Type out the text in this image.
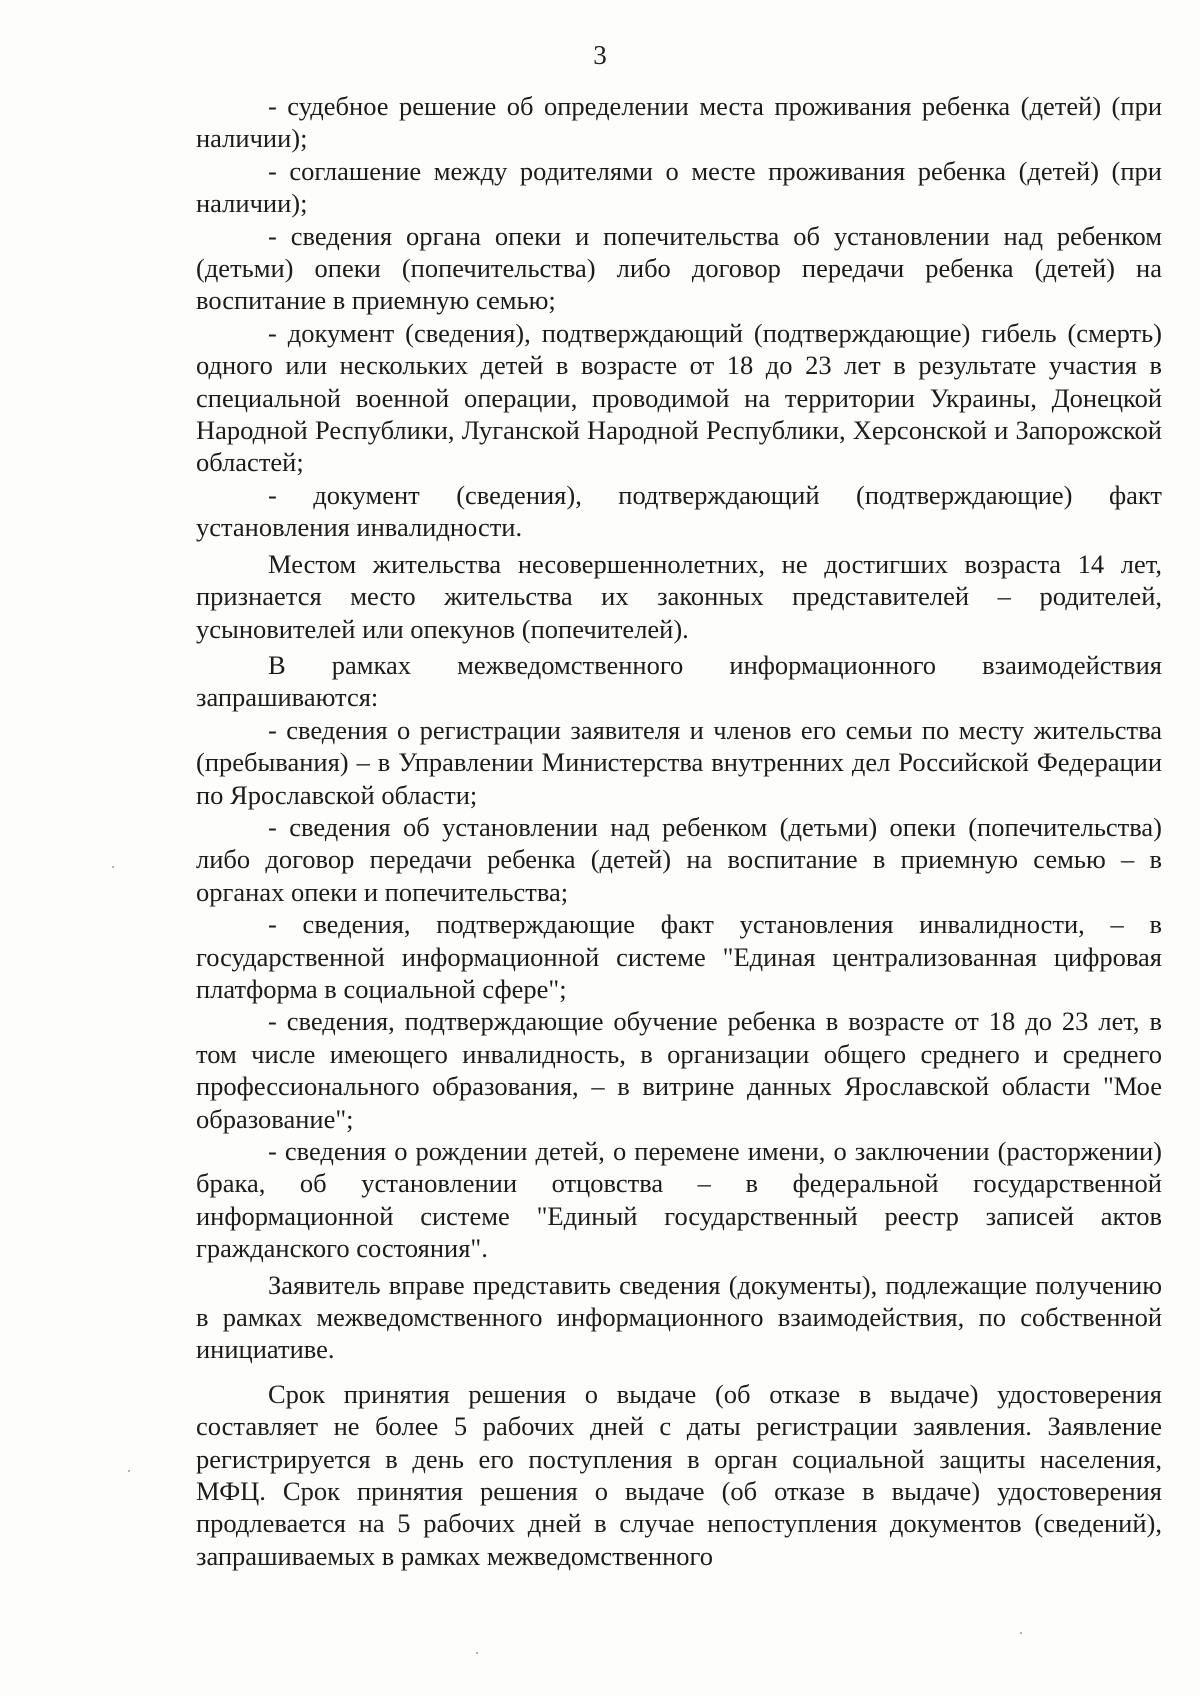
3

- судебное решение об определении места проживания ребенка (детей) (при наличии);

- соглашение между родителями о месте проживания ребенка (детей) (при наличии);

- сведения органа опеки и попечительства об установлении над ребенком (детьми) опеки (попечительства) либо договор передачи ребенка (детей) на воспитание в приемную семью;

- документ (сведения), подтверждающий (подтверждающие) гибель (смерть) одного или нескольких детей в возрасте от 18 до 23 лет в результате участия в специальной военной операции, проводимой на территории Украины, Донецкой Народной Республики, Луганской Народной Республики, Херсонской и Запорожской областей;

- документ (сведения), подтверждающий (подтверждающие) факт установления инвалидности.

Местом жительства несовершеннолетних, не достигших возраста 14 лет, признается место жительства их законных представителей – родителей, усыновителей или опекунов (попечителей).

В рамках межведомственного информационного взаимодействия запрашиваются:

- сведения о регистрации заявителя и членов его семьи по месту жительства (пребывания) – в Управлении Министерства внутренних дел Российской Федерации по Ярославской области;

- сведения об установлении над ребенком (детьми) опеки (попечительства) либо договор передачи ребенка (детей) на воспитание в приемную семью – в органах опеки и попечительства;

- сведения, подтверждающие факт установления инвалидности, – в государственной информационной системе "Единая централизованная цифровая платформа в социальной сфере";

- сведения, подтверждающие обучение ребенка в возрасте от 18 до 23 лет, в том числе имеющего инвалидность, в организации общего среднего и среднего профессионального образования, – в витрине данных Ярославской области "Мое образование";

- сведения о рождении детей, о перемене имени, о заключении (расторжении) брака, об установлении отцовства – в федеральной государственной информационной системе "Единый государственный реестр записей актов гражданского состояния".

Заявитель вправе представить сведения (документы), подлежащие получению в рамках межведомственного информационного взаимодействия, по собственной инициативе.

Срок принятия решения о выдаче (об отказе в выдаче) удостоверения составляет не более 5 рабочих дней с даты регистрации заявления. Заявление регистрируется в день его поступления в орган социальной защиты населения, МФЦ. Срок принятия решения о выдаче (об отказе в выдаче) удостоверения продлевается на 5 рабочих дней в случае непоступления документов (сведений), запрашиваемых в рамках межведомственного
